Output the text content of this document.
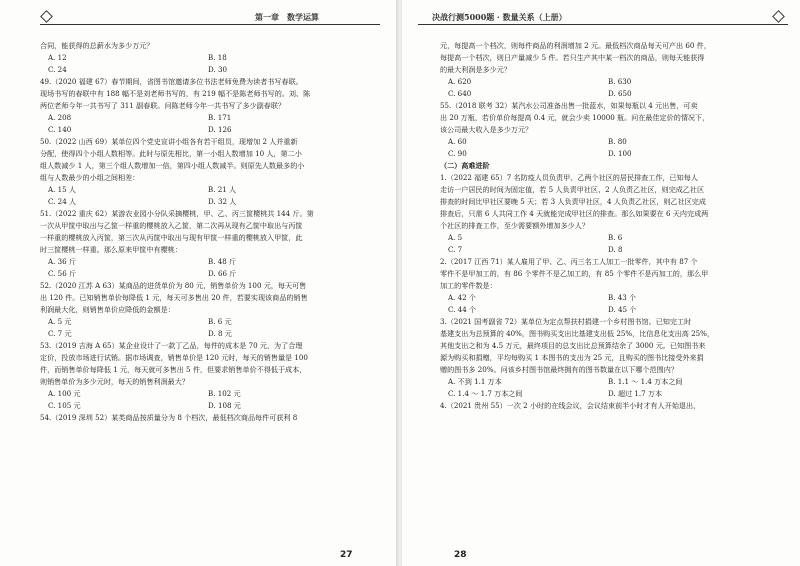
第一章　数学运算

合同，能获得的总薪水为多少万元？

A. 12	B. 18

C. 24	D. 30

49.（2020 福建 67）春节期间，省图书馆邀请多位书法老师免费为读者书写春联。

现场书写的春联中有 188 幅不是刘老师书写的，有 219 幅不是陈老师书写的。刘、陈

两位老师今年一共书写了 311 副春联。问陈老师今年一共书写了多少副春联？

A. 208	B. 171

C. 140	D. 126

50.（2022 山西 69）某单位四个党史宣讲小组各有若干组员，现增加 2 人并重新

分配，使得四个小组人数相等。此时与原先相比，第一小组人数增加 10 人，第二小

组人数减少 1 人，第三个组人数增加一倍，第四小组人数减半。则原先人数最多的小

组与人数最少的小组之间相差：

A. 15 人	B. 21 人

C. 24 人	D. 32 人

51.（2022 重庆 62）某游农业园小分队采摘樱桃，甲、乙、丙三筐樱桃共 144 斤。第

一次从甲筐中取出与乙筐一样重的樱桃放入乙筐，第二次再从现有乙筐中取出与丙筐

一样重的樱桃放入丙筐，第三次从丙筐中取出与现有甲筐一样重的樱桃放入甲筐，此

时三筐樱桃一样重。那么原来甲筐中有樱桃：

A. 36 斤	B. 48 斤

C. 56 斤	D. 66 斤

52.（2020 江苏 A 63）某商品的进货单价为 80 元，销售单价为 100 元，每天可售

出 120 件。已知销售单价每降低 1 元，每天可多售出 20 件，若要实现该商品的销售

利润最大化，则销售单价应降低的金额是：

A. 5 元	B. 6 元

C. 7 元	D. 8 元

53.（2019 吉海 A 65）某企业设计了一款丁乙品，每件的成本是 70 元，为了合理

定价，投放市场进行试销。据市场调查，销售单价是 120 元时，每天的销售量是 100

件，而销售单价每降低 1 元，每天就可多售出 5 件，但要求销售单价不得低于成本，

则销售单价为多少元时，每天的销售利润最大？

A. 100 元	B. 102 元

C. 105 元	D. 108 元

54.（2019 深圳 52）某类商品按质量分为 8 个档次，最低档次商品每件可获利 8

27
决战行测5000题 · 数量关系（上册）

元，每提高一个档次，则每件商品的利润增加 2 元。最低档次商品每天可产出 60 件，

每提高一个档次，则日产量减少 5 件。若只生产其中某一档次的商品，则每天能获得

的最大利润是多少元？

A. 620	B. 630

C. 640	D. 650

55.（2018 联考 32）某汽水公司准备出售一批蓝水，如果每瓶以 4 元出售，可卖

出 20 万瓶，若价单价每提高 0.4 元，就会少卖 10000 瓶。问在最佳定价的情况下，

该公司最大收入是多少万元？

A. 60	B. 80

C. 90	D. 100

（二）高难进阶

1.（2022 福建 65）7 名防疫人员负责甲、乙两个社区的居民排查工作，已知每人

走访一户居民的时间为固定值，若 5 人负责甲社区、2 人负责乙社区，则完成乙社区

排查的时间比甲社区要晚 5 天；若 3 人负责甲社区，4 人负责乙社区，则乙社区完成

排查后，只需 6 人共同工作 4 天就能完成甲社区的排查。那么如果要在 6 天内完成两

个社区的排查工作，至少需要额外增加多少人？

A. 5	B. 6

C. 7	D. 8

2.（2017 江西 71）某人雇用了甲、乙、丙三名工人加工一批零件，其中有 87 个

零件不是甲加工的，有 86 个零件不是乙加工的，有 85 个零件不是丙加工的，那么甲

加工的零件数是：

A. 42 个	B. 43 个

C. 44 个	D. 45 个

3.（2021 国考副省 72）某单位为定点帮扶村捐建一个乡村图书馆。已知完工时

基建支出为总预算的 40%，图书购买支出比基建支出低 25%，比信息化支出高 25%，

其他支出之和为 4.5 万元，最终项目的总支出比总预算结余了 3000 元。已知图书来

源为购买和捐赠，平均每购买 1 本图书的支出为 25 元，且购买的图书比接受外来捐

赠的图书多 20%。问该乡村图书馆最终拥有的图书数量在以下哪个范围内？

A. 不到 1.1 万本	B. 1.1 ～ 1.4 万本之间

C. 1.4 ～ 1.7 万本之间	D. 超过 1.7 万本

4.（2021 贵州 55）一次 2 小时的在线会议，会议结束前半小时才有人开始退出，

28
